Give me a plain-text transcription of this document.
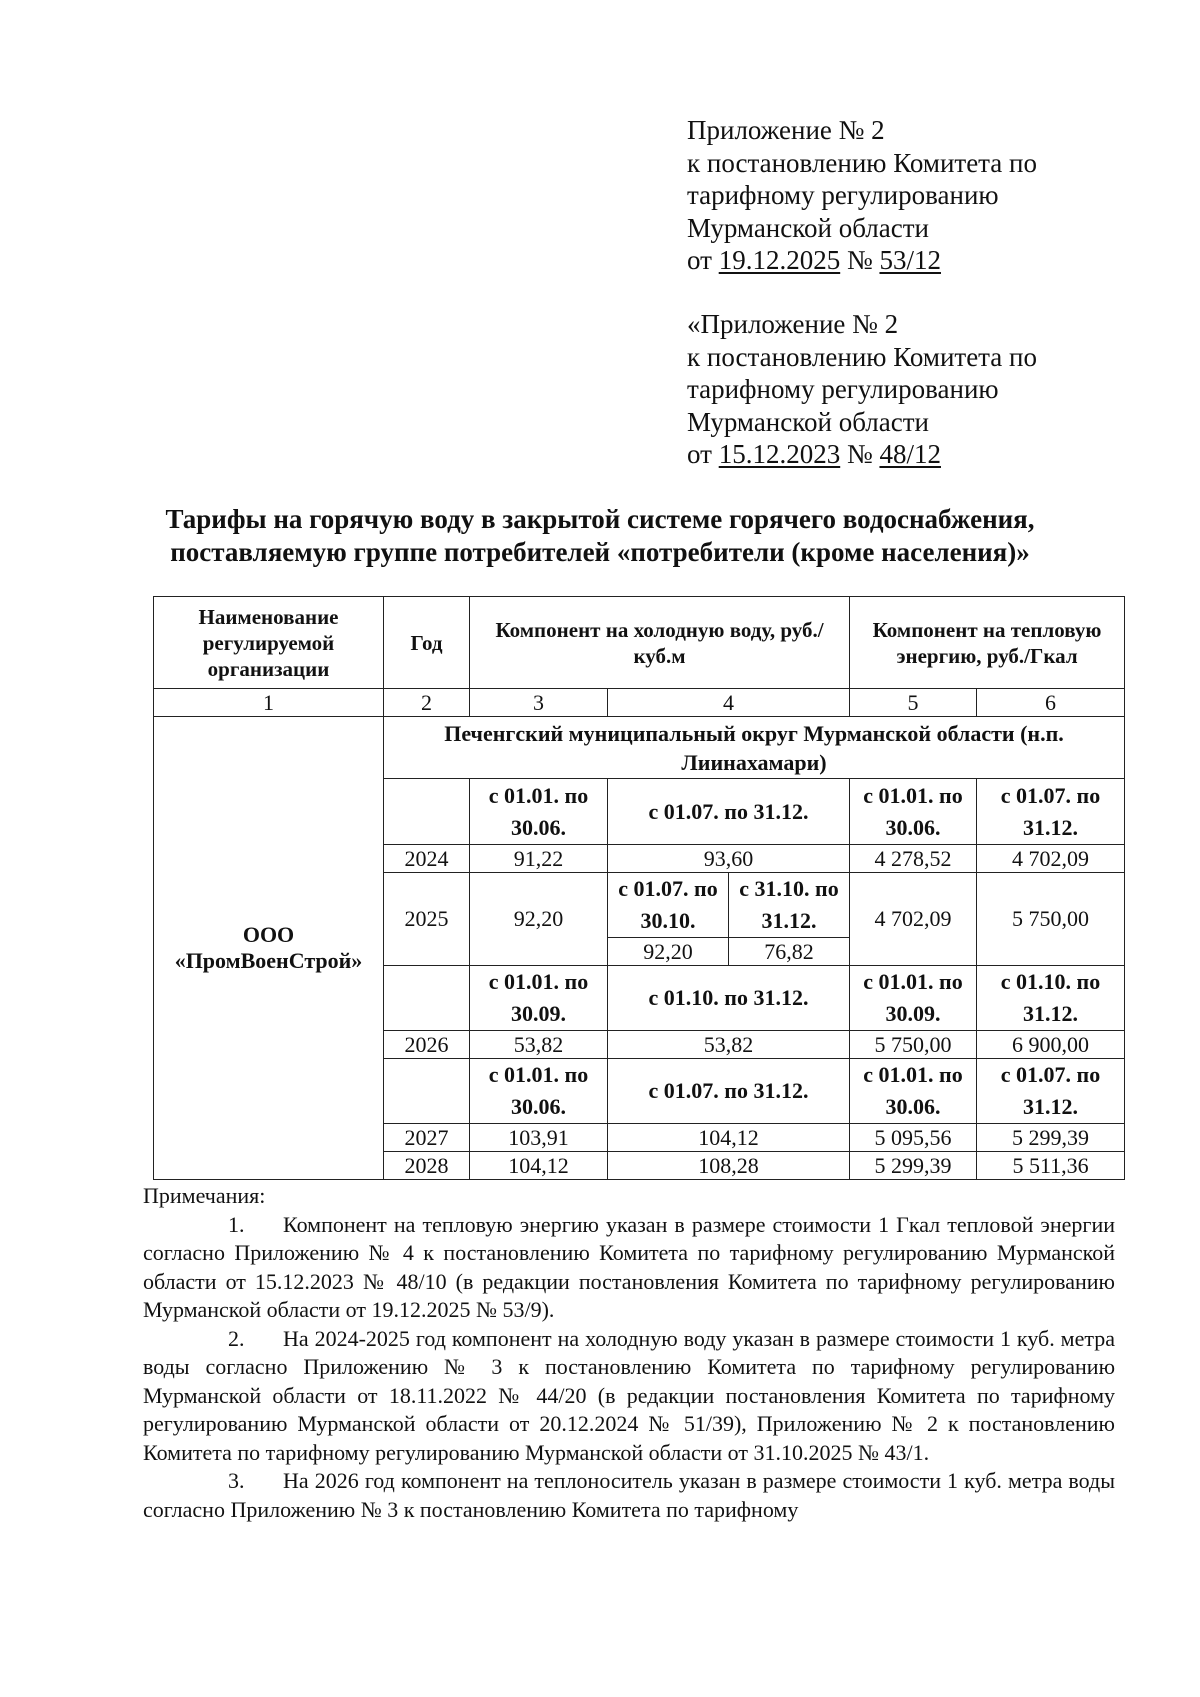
Приложение № 2
к постановлению Комитета по
тарифному регулированию
Мурманской области
от 19.12.2025 № 53/12
«Приложение № 2
к постановлению Комитета по
тарифному регулированию
Мурманской области
от 15.12.2023 № 48/12
Тарифы на горячую воду в закрытой системе горячего водоснабжения,
поставляемую группе потребителей «потребители (кроме населения)»
Наименование регулируемой организации	Год	Компонент на холодную воду, руб./куб.м			Компонент на тепловую энергию, руб./Гкал	
1	2	3	4		5	6
ООО «ПромВоенСтрой»	Печенгский муниципальный округ Мурманской области (н.п. Лиинахамари)					
		с 01.01. по 30.06.	с 01.07. по 31.12.		с 01.01. по 30.06.	с 01.07. по 31.12.
	2024	91,22	93,60		4 278,52	4 702,09
	2025	92,20	с 01.07. по 30.10.	с 31.10. по 31.12.	4 702,09	5 750,00
			92,20	76,82		
		с 01.01. по 30.09.	с 01.10. по 31.12.		с 01.01. по 30.09.	с 01.10. по 31.12.
	2026	53,82	53,82		5 750,00	6 900,00
		с 01.01. по 30.06.	с 01.07. по 31.12.		с 01.01. по 30.06.	с 01.07. по 31.12.
	2027	103,91	104,12		5 095,56	5 299,39
	2028	104,12	108,28		5 299,39	5 511,36
Примечания:

1. Компонент на тепловую энергию указан в размере стоимости 1 Гкал тепловой энергии согласно Приложению № 4 к постановлению Комитета по тарифному регулированию Мурманской области от 15.12.2023 № 48/10 (в редакции постановления Комитета по тарифному регулированию Мурманской области от 19.12.2025 № 53/9).

2. На 2024-2025 год компонент на холодную воду указан в размере стоимости 1 куб. метра воды согласно Приложению № 3 к постановлению Комитета по тарифному регулированию Мурманской области от 18.11.2022 № 44/20 (в редакции постановления Комитета по тарифному регулированию Мурманской области от 20.12.2024 № 51/39), Приложению № 2 к постановлению Комитета по тарифному регулированию Мурманской области от 31.10.2025 № 43/1.

3. На 2026 год компонент на теплоноситель указан в размере стоимости 1 куб. метра воды согласно Приложению № 3 к постановлению Комитета по тарифному
